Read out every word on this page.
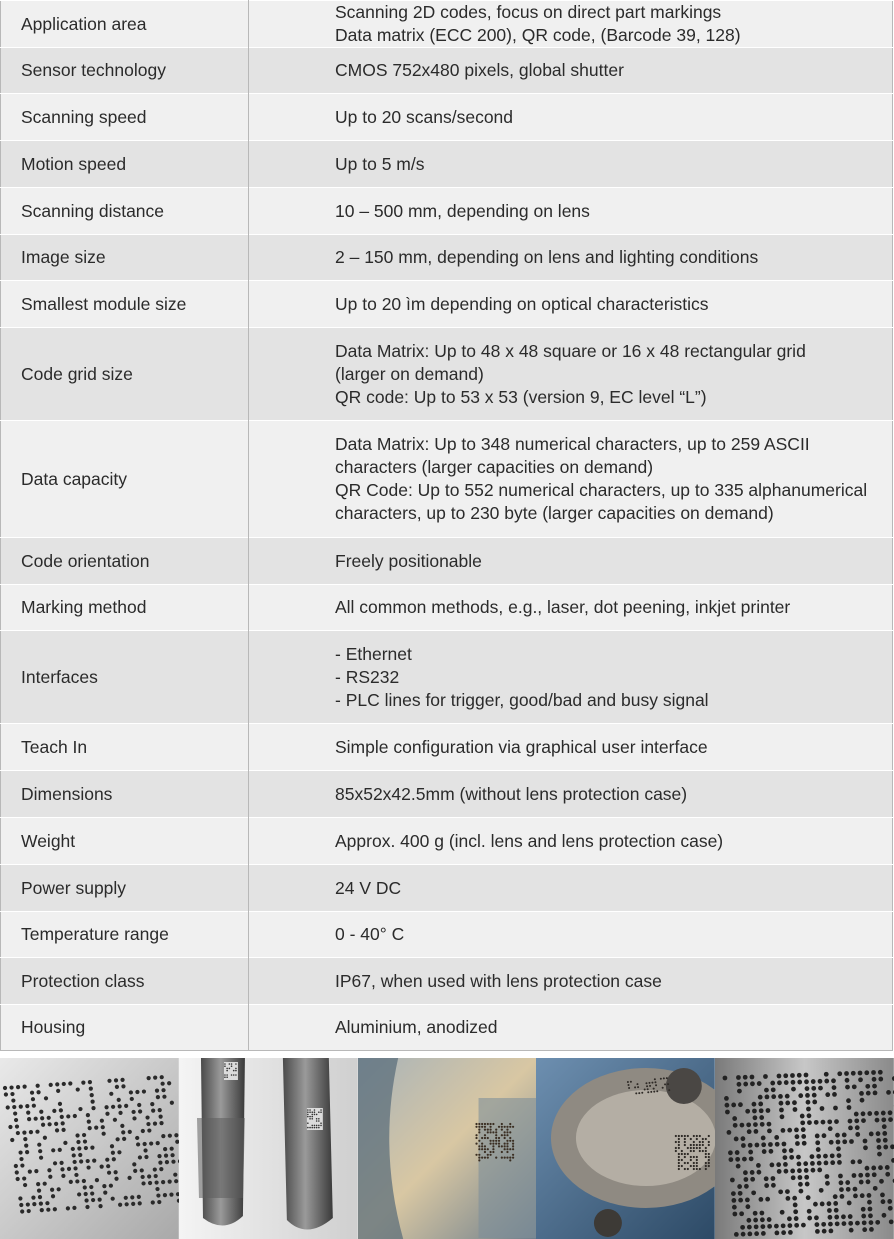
Application area	Scanning 2D codes, focus on direct part markings
Data matrix (ECC 200), QR code, (Barcode 39, 128)

Sensor technology	CMOS 752x480 pixels, global shutter

Scanning speed	Up to 20 scans/second

Motion speed	Up to 5 m/s

Scanning distance	10 – 500 mm, depending on lens

Image size	2 – 150 mm, depending on lens and lighting conditions

Smallest module size	Up to 20 ìm depending on optical characteristics

Code grid size	Data Matrix: Up to 48 x 48 square or 16 x 48 rectangular grid
(larger on demand)
QR code: Up to 53 x 53 (version 9, EC level “L”)

Data capacity	Data Matrix: Up to 348 numerical characters, up to 259 ASCII
characters (larger capacities on demand)
QR Code: Up to 552 numerical characters, up to 335 alphanumerical
characters, up to 230 byte (larger capacities on demand)

Code orientation	Freely positionable

Marking method	All common methods, e.g., laser, dot peening, inkjet printer

Interfaces	- Ethernet
- RS232
- PLC lines for trigger, good/bad and busy signal

Teach In	Simple configuration via graphical user interface

Dimensions	85x52x42.5mm (without lens protection case)

Weight	Approx. 400 g (incl. lens and lens protection case)

Power supply	24 V DC

Temperature range	0 - 40° C

Protection class	IP67, when used with lens protection case

Housing	Aluminium, anodized
